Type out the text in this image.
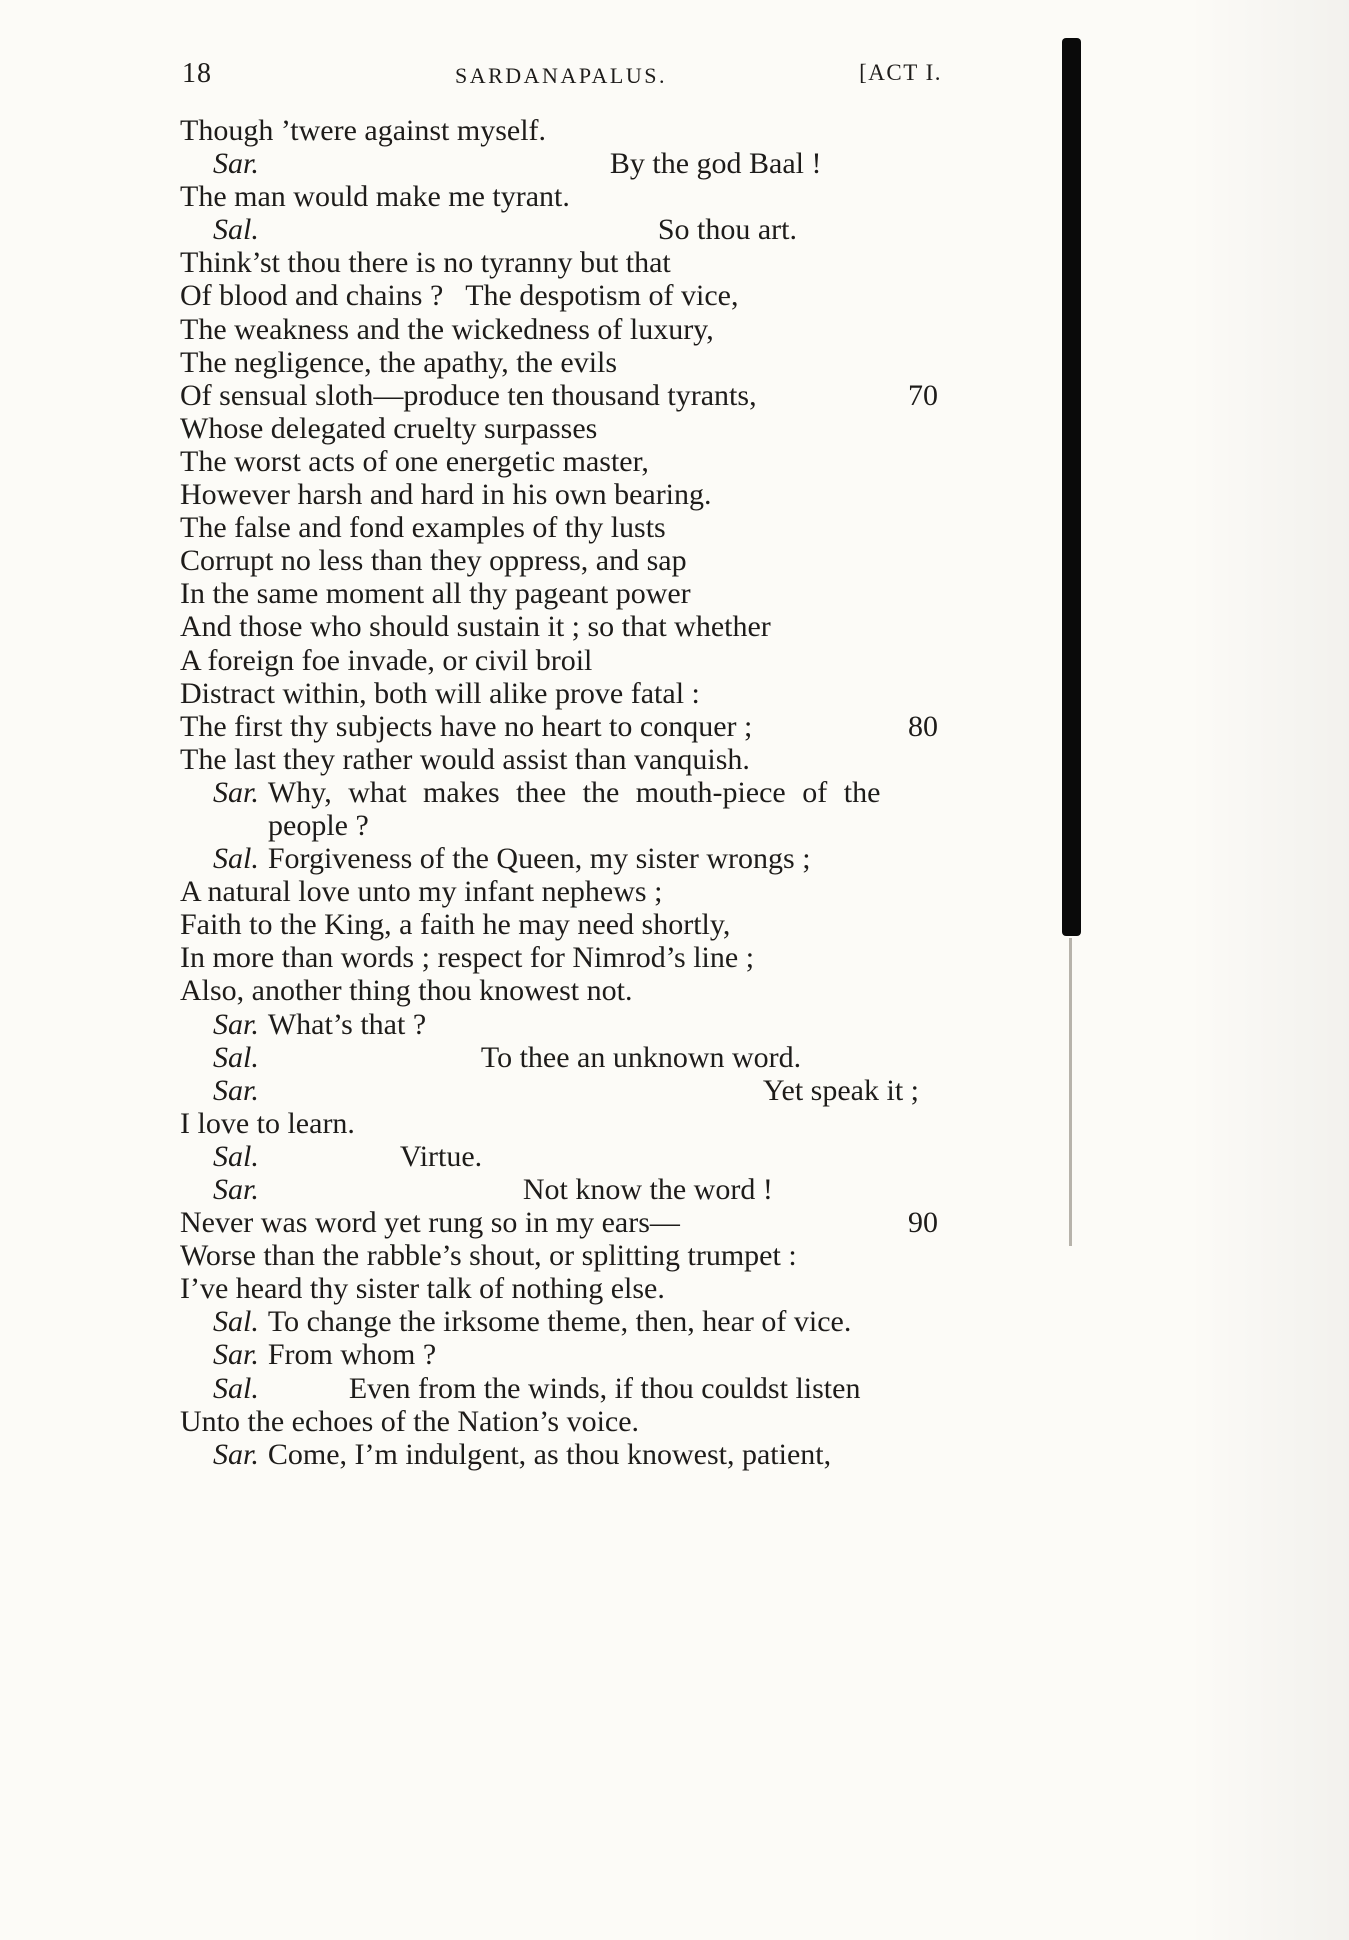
18	SARDANAPALUS.	[ACT I.
Though ’twere against myself.
Sar.	By the god Baal !
The man would make me tyrant.
Sal.	So thou art.
Think’st thou there is no tyranny but that
Of blood and chains ?   The despotism of vice,
The weakness and the wickedness of luxury,
The negligence, the apathy, the evils
Of sensual sloth—produce ten thousand tyrants,	70
Whose delegated cruelty surpasses
The worst acts of one energetic master,
However harsh and hard in his own bearing.
The false and fond examples of thy lusts
Corrupt no less than they oppress, and sap
In the same moment all thy pageant power
And those who should sustain it ; so that whether
A foreign foe invade, or civil broil
Distract within, both will alike prove fatal :
The first thy subjects have no heart to conquer ;	80
The last they rather would assist than vanquish.
Sar. Why, what makes thee the mouth-piece of the
people ?
Sal. Forgiveness of the Queen, my sister wrongs ;
A natural love unto my infant nephews ;
Faith to the King, a faith he may need shortly,
In more than words ; respect for Nimrod’s line ;
Also, another thing thou knowest not.
Sar. What’s that ?
Sal.	To thee an unknown word.
Sar.	Yet speak it ;
I love to learn.
Sal.	Virtue.
Sar.	Not know the word !
Never was word yet rung so in my ears—	90
Worse than the rabble’s shout, or splitting trumpet :
I’ve heard thy sister talk of nothing else.
Sal. To change the irksome theme, then, hear of vice.
Sar. From whom ?
Sal.	Even from the winds, if thou couldst listen
Unto the echoes of the Nation’s voice.
Sar. Come, I’m indulgent, as thou knowest, patient,
